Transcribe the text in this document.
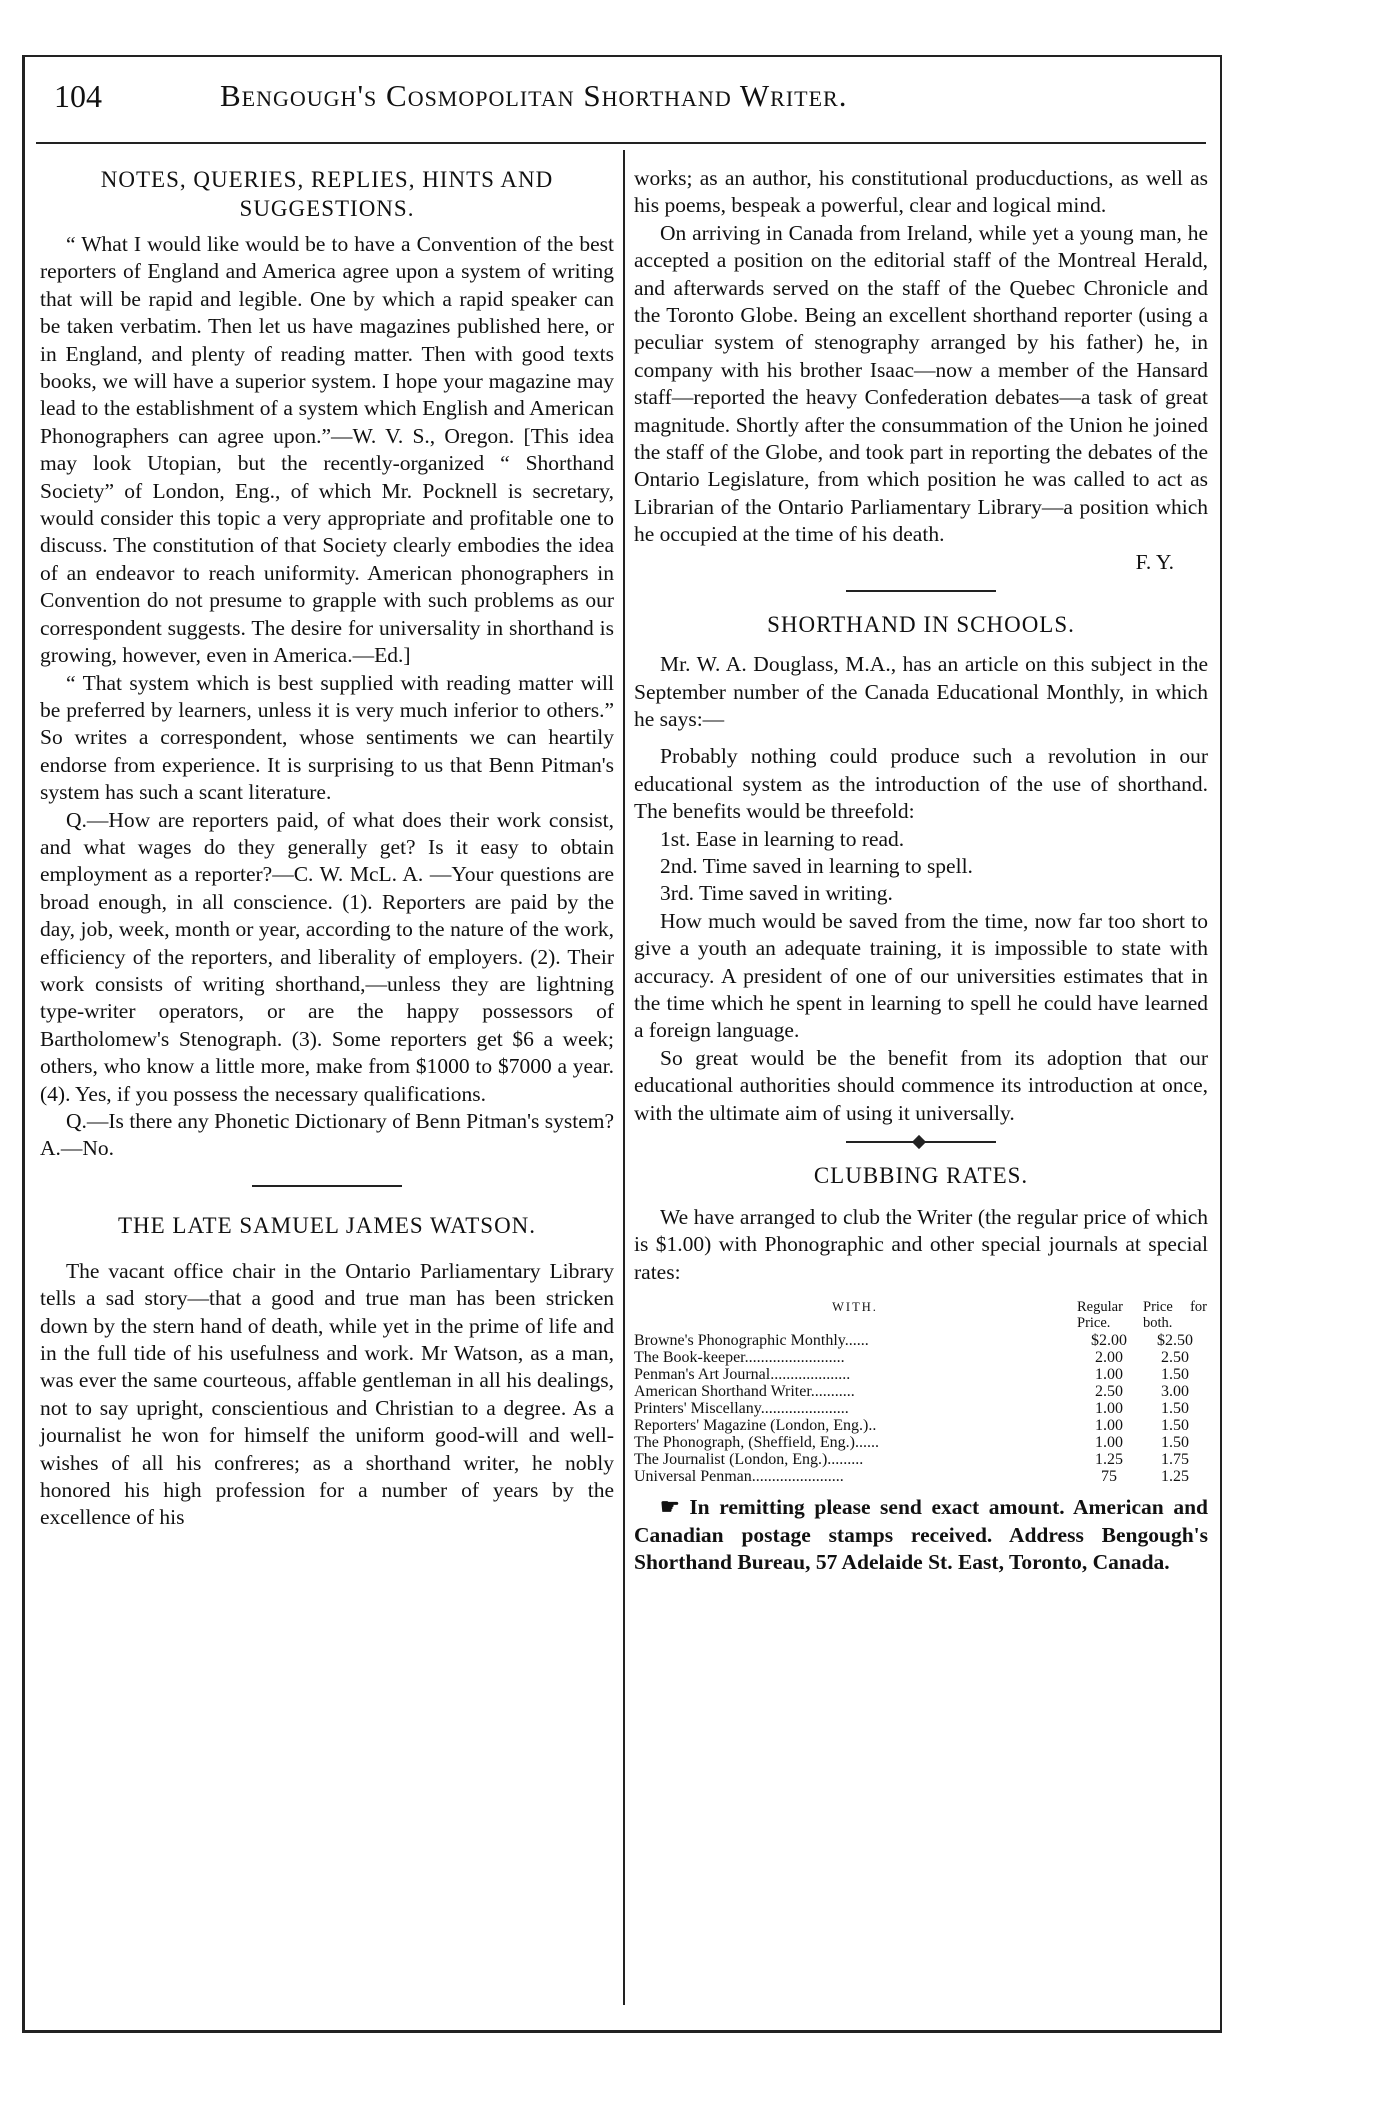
104	Bengough's Cosmopolitan Shorthand Writer.
NOTES, QUERIES, REPLIES, HINTS AND SUGGESTIONS.

“ What I would like would be to have a Convention of the best reporters of England and America agree upon a system of writing that will be rapid and legible. One by which a rapid speaker can be taken verbatim. Then let us have magazines published here, or in England, and plenty of reading matter. Then with good texts books, we will have a superior system. I hope your magazine may lead to the establishment of a system which English and American Phonographers can agree upon.”—W. V. S., Oregon. [This idea may look Utopian, but the recently-organized “ Shorthand Society” of London, Eng., of which Mr. Pocknell is secretary, would consider this topic a very appropriate and profitable one to discuss. The constitution of that Society clearly embodies the idea of an endeavor to reach uniformity. American phonographers in Convention do not presume to grapple with such problems as our correspondent suggests. The desire for universality in shorthand is growing, however, even in America.—Ed.]

“ That system which is best supplied with reading matter will be preferred by learners, unless it is very much inferior to others.” So writes a correspondent, whose sentiments we can heartily endorse from experience. It is surprising to us that Benn Pitman's system has such a scant literature.

Q.—How are reporters paid, of what does their work consist, and what wages do they generally get? Is it easy to obtain employment as a reporter?—C. W. McL. A. —Your questions are broad enough, in all conscience. (1). Reporters are paid by the day, job, week, month or year, according to the nature of the work, efficiency of the reporters, and liberality of employers. (2). Their work consists of writing shorthand,—unless they are lightning type-writer operators, or are the happy possessors of Bartholomew's Stenograph. (3). Some reporters get $6 a week; others, who know a little more, make from $1000 to $7000 a year. (4). Yes, if you possess the necessary qualifications.

Q.—Is there any Phonetic Dictionary of Benn Pitman's system? A.—No.

THE LATE SAMUEL JAMES WATSON.

The vacant office chair in the Ontario Parliamentary Library tells a sad story—that a good and true man has been stricken down by the stern hand of death, while yet in the prime of life and in the full tide of his usefulness and work. Mr Watson, as a man, was ever the same courteous, affable gentleman in all his dealings, not to say upright, conscientious and Christian to a degree. As a journalist he won for himself the uniform good-will and well-wishes of all his confreres; as a shorthand writer, he nobly honored his high profession for a number of years by the excellence of his

works; as an author, his constitutional producductions, as well as his poems, bespeak a powerful, clear and logical mind.

On arriving in Canada from Ireland, while yet a young man, he accepted a position on the editorial staff of the Montreal Herald, and afterwards served on the staff of the Quebec Chronicle and the Toronto Globe. Being an excellent shorthand reporter (using a peculiar system of stenography arranged by his father) he, in company with his brother Isaac—now a member of the Hansard staff—reported the heavy Confederation debates—a task of great magnitude. Shortly after the consummation of the Union he joined the staff of the Globe, and took part in reporting the debates of the Ontario Legislature, from which position he was called to act as Librarian of the Ontario Parliamentary Library—a position which he occupied at the time of his death.

F. Y.

SHORTHAND IN SCHOOLS.

Mr. W. A. Douglass, M.A., has an article on this subject in the September number of the Canada Educational Monthly, in which he says:—

Probably nothing could produce such a revolution in our educational system as the introduction of the use of shorthand. The benefits would be threefold:

1st. Ease in learning to read.

2nd. Time saved in learning to spell.

3rd. Time saved in writing.

How much would be saved from the time, now far too short to give a youth an adequate training, it is impossible to state with accuracy. A president of one of our universities estimates that in the time which he spent in learning to spell he could have learned a foreign language.

So great would be the benefit from its adoption that our educational authorities should commence its introduction at once, with the ultimate aim of using it universally.

CLUBBING RATES.

We have arranged to club the Writer (the regular price of which is $1.00) with Phonographic and other special journals at special rates:

WITH.	Regular Price.	Price for both.
Browne's Phonographic Monthly......	$2.00	$2.50
The Book-keeper.........................	2.00	2.50
Penman's Art Journal....................	1.00	1.50
American Shorthand Writer...........	2.50	3.00
Printers' Miscellany......................	1.00	1.50
Reporters' Magazine (London, Eng.)..	1.00	1.50
The Phonograph, (Sheffield, Eng.)......	1.00	1.50
The Journalist (London, Eng.).........	1.25	1.75
Universal Penman.......................	75	1.25

☛ In remitting please send exact amount. American and Canadian postage stamps received. Address Bengough's Shorthand Bureau, 57 Adelaide St. East, Toronto, Canada.
